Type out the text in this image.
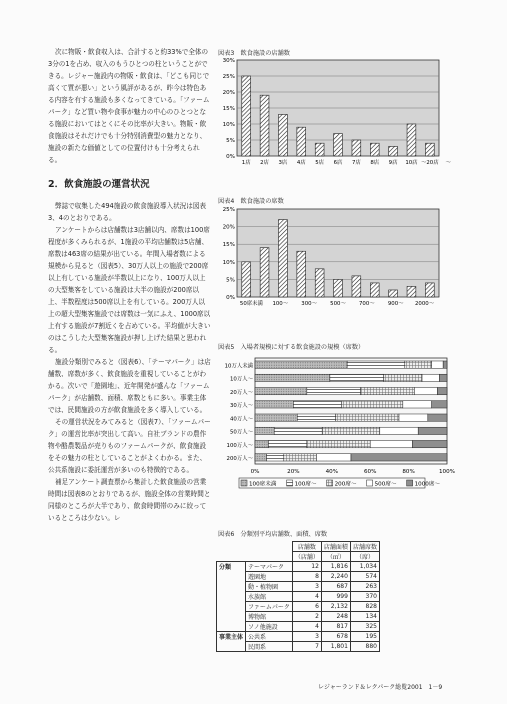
次に物販・飲食収入は、合計すると約33%で全体の3分の1を占め、収入のもうひとつの柱ということができる。レジャー施設内の物販・飲食は、「どこも同じで高くて質が悪い」という風評があるが、昨今は特色ある内容を有する施設も多くなってきている。「ファームパーク」など買い物や食事が魅力の中心のひとつとなる施設においてはとくにその比率が大きい。物販・飲食施設はそれだけでも十分特別消費型の魅力となり、施設の新たな価値としての位置付けも十分考えられる。

2．飲食施設の運営状況

弊誌で収集した494施設の飲食施設導入状況は図表3、4のとおりである。

アンケートからは店舗数は3店舗以内、席数は100席程度が多くみられるが、1施設の平均店舗数は5店舗、席数は463席の結果が出ている。年間入場者数による規模から見ると（図表5）、30万人以上の施設で200席以上有している施設が半数以上になり、100万人以上の大型集客をしている施設は大半の施設が200席以上、半数程度は500席以上を有している。200万人以上の超大型集客施設では席数は一気にふえ、1000席以上有する施設が7割近くを占めている。平均値が大きいのはこうした大型集客施設が押し上げた結果と思われる。

施設分類別でみると（図表6）、「テーマパーク」は店舗数、席数が多く、飲食施設を重視していることがわかる。次いで「遊園地」、近年開発が盛んな「ファームパーク」が店舗数、面積、席数ともに多い。事業主体では、民間施設の方が飲食施設を多く導入している。

その運営状況をみてみると（図表7）、「ファームパーク」の運営比率が突出して高い。自社ブランドの農作物や酪農製品が売りものファームパークが、飲食施設をその魅力の柱としていることがよくわかる。また、公共系施設に委託運営が多いのも特徴的である。

補足アンケート調査票から集計した飲食施設の営業時間は図表8のとおりであるが、施設全体の営業時間と同様のところが大半であり、飲食時間帯のみに絞っているところは少ない。レ

図表3　飲食施設の店舗数
0%
5%
10%
15%
20%
25%
30%
1店 2店 3店 4店 5店 6店 7店 8店 9店 10店 ～20店 ～
図表4　飲食施設の席数
0%
5%
10%
15%
20%
25%
50席未満 100～ 300～ 500～ 700～ 900～ 2000～
図表5　入場者規模に対する飲食施設の規模（席数）
10万人未満
10万人～
20万人～
30万人～
40万人～
50万人～
100万人～
200万人～
0%	20%	40%	60%	80%	100%
100席未満	100席～	200席～	500席～	1000席～
図表6　分類別平均店舗数、面積、席数
		店舗数	店舗面積	店舗席数
		（店舗）	（㎡）	（席）
分類	テーマパーク	12	1,816	1,034
	遊園地	8	2,240	574
	動・植物園	3	687	263
	水族館	4	999	370
	ファームパーク	6	2,132	828
	博物館	2	248	134
	ソノ他施設	4	817	325
事業主体	公共系	3	678	195
	民間系	7	1,801	880
レジャーランド＆レクパーク総覧2001　1－9
